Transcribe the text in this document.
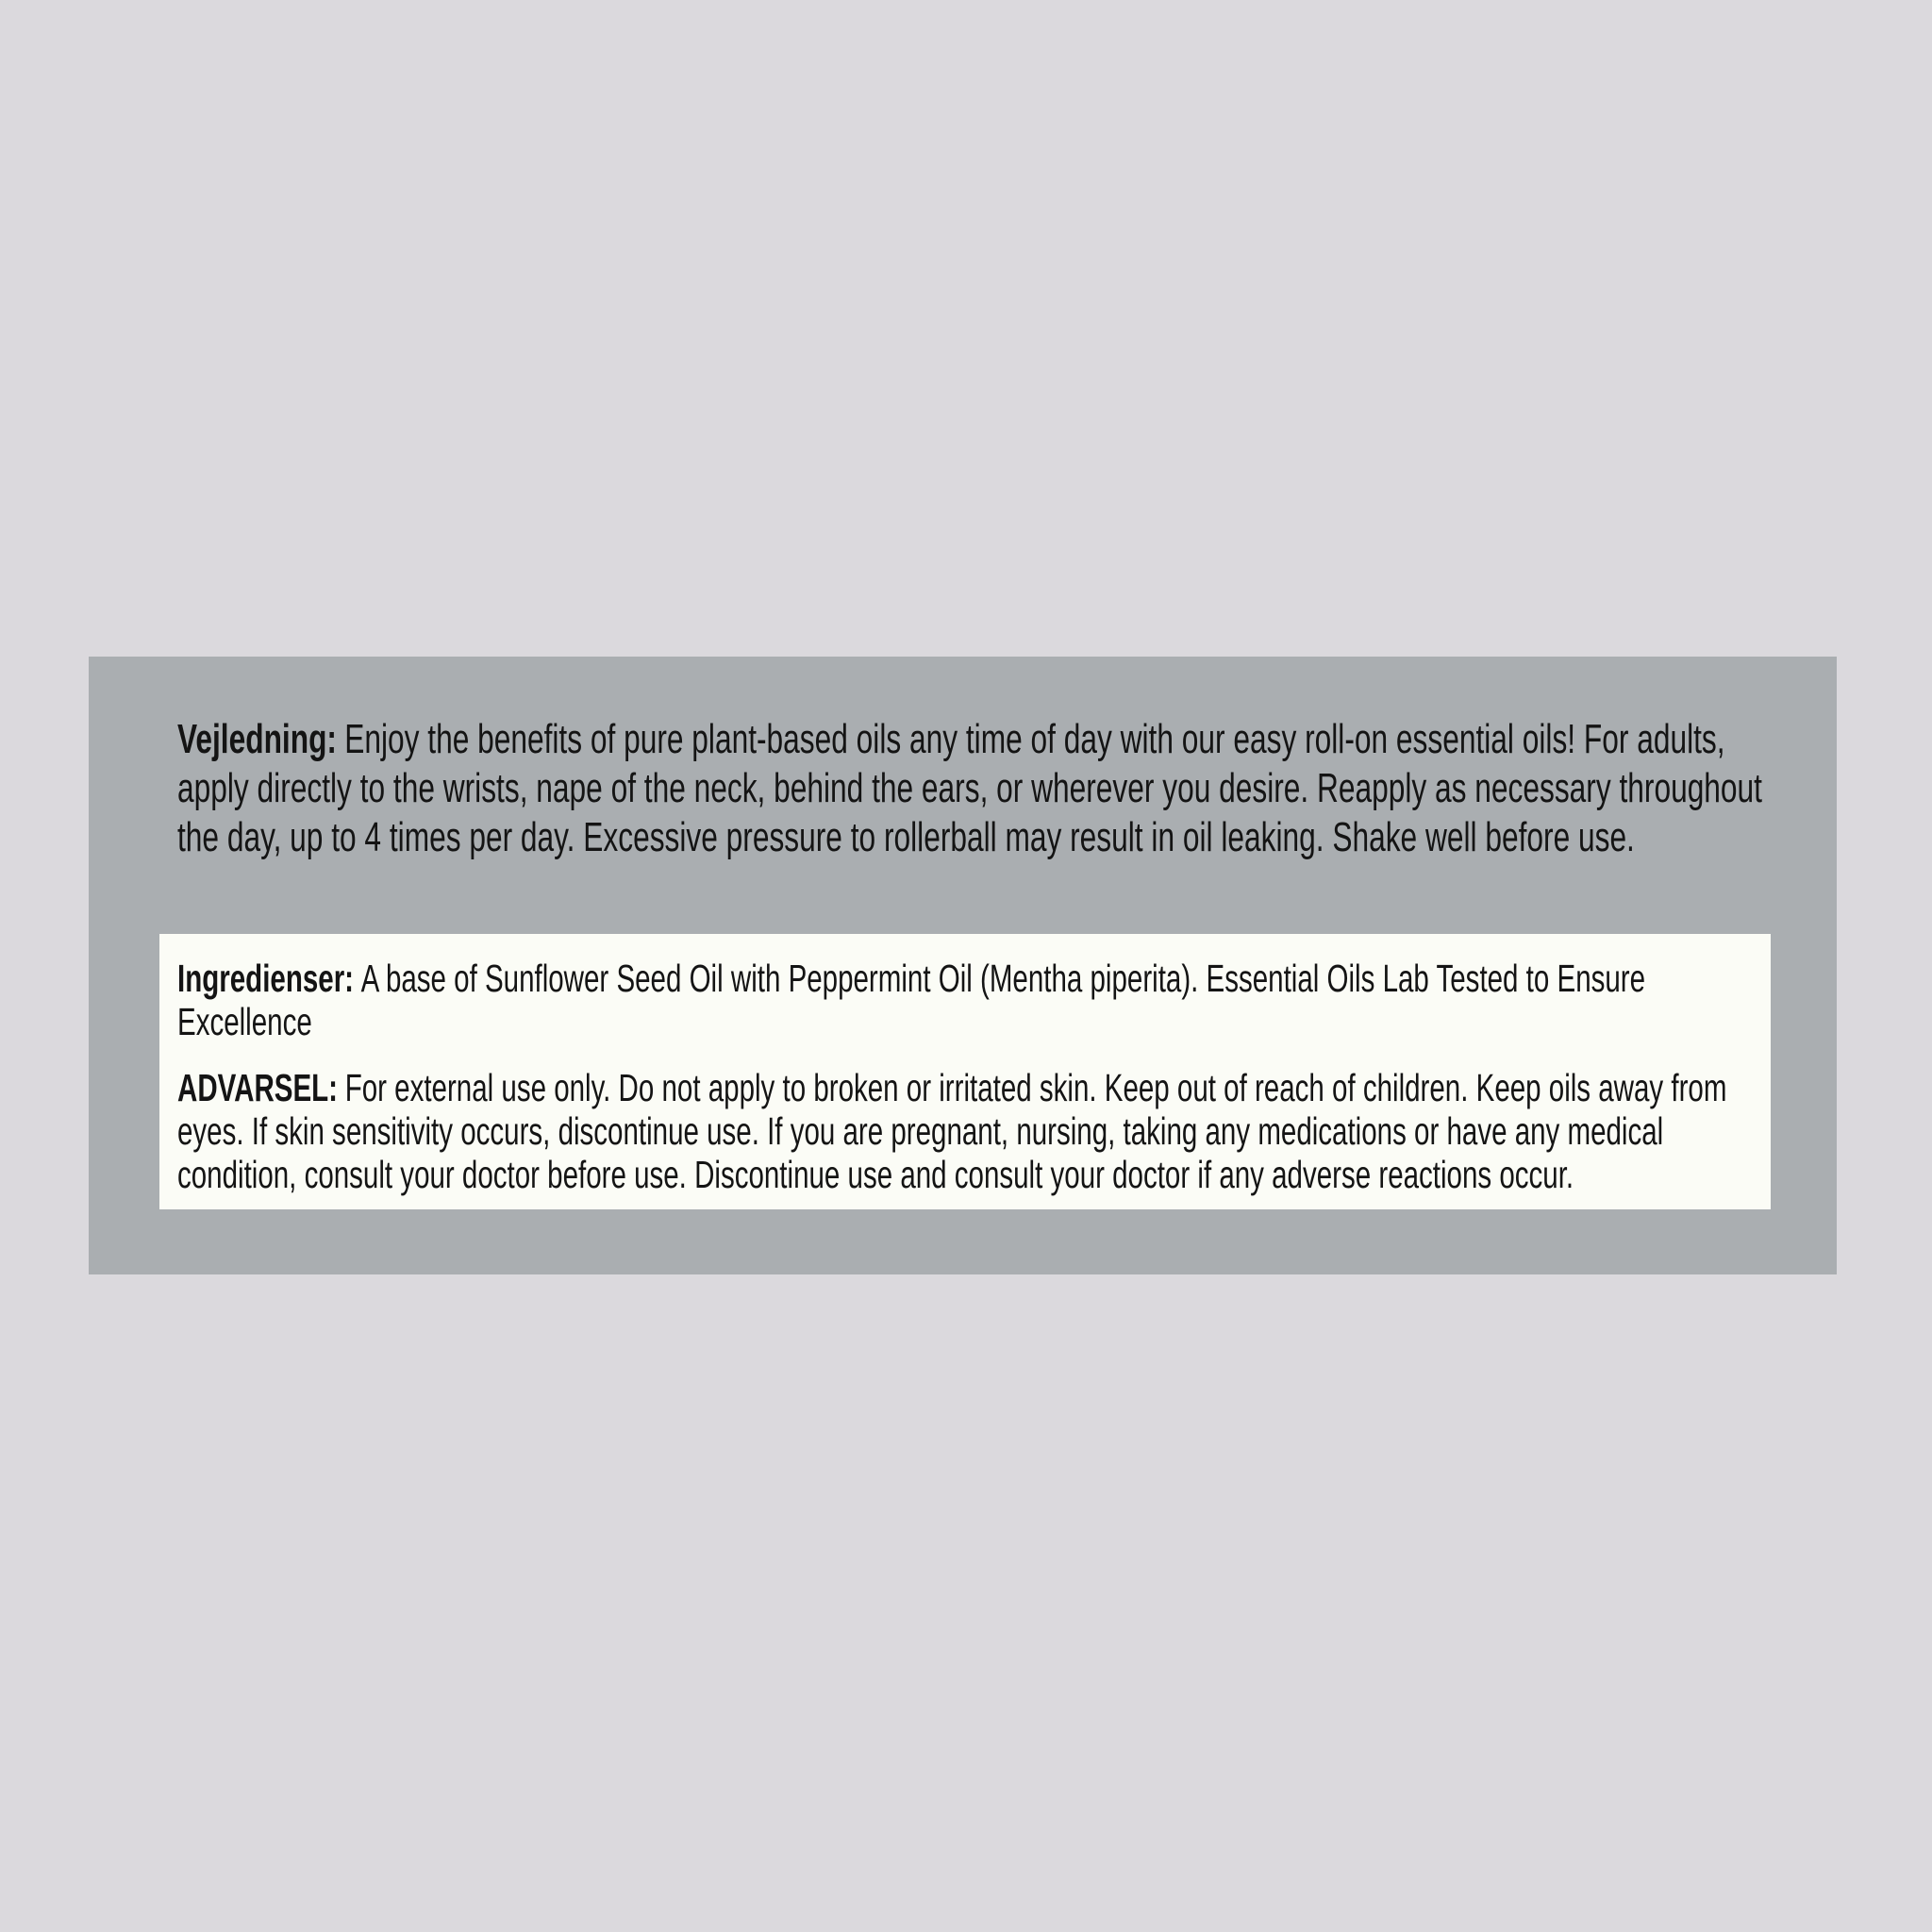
Vejledning: Enjoy the benefits of pure plant-based oils any time of day with our easy roll-on essential oils! For adults, apply directly to the wrists, nape of the neck, behind the ears, or wherever you desire. Reapply as necessary throughout the day, up to 4 times per day. Excessive pressure to rollerball may result in oil leaking. Shake well before use.

Ingredienser: A base of Sunflower Seed Oil with Peppermint Oil (Mentha piperita). Essential Oils Lab Tested to Ensure Excellence

ADVARSEL: For external use only. Do not apply to broken or irritated skin. Keep out of reach of children. Keep oils away from eyes. If skin sensitivity occurs, discontinue use. If you are pregnant, nursing, taking any medications or have any medical condition, consult your doctor before use. Discontinue use and consult your doctor if any adverse reactions occur.
